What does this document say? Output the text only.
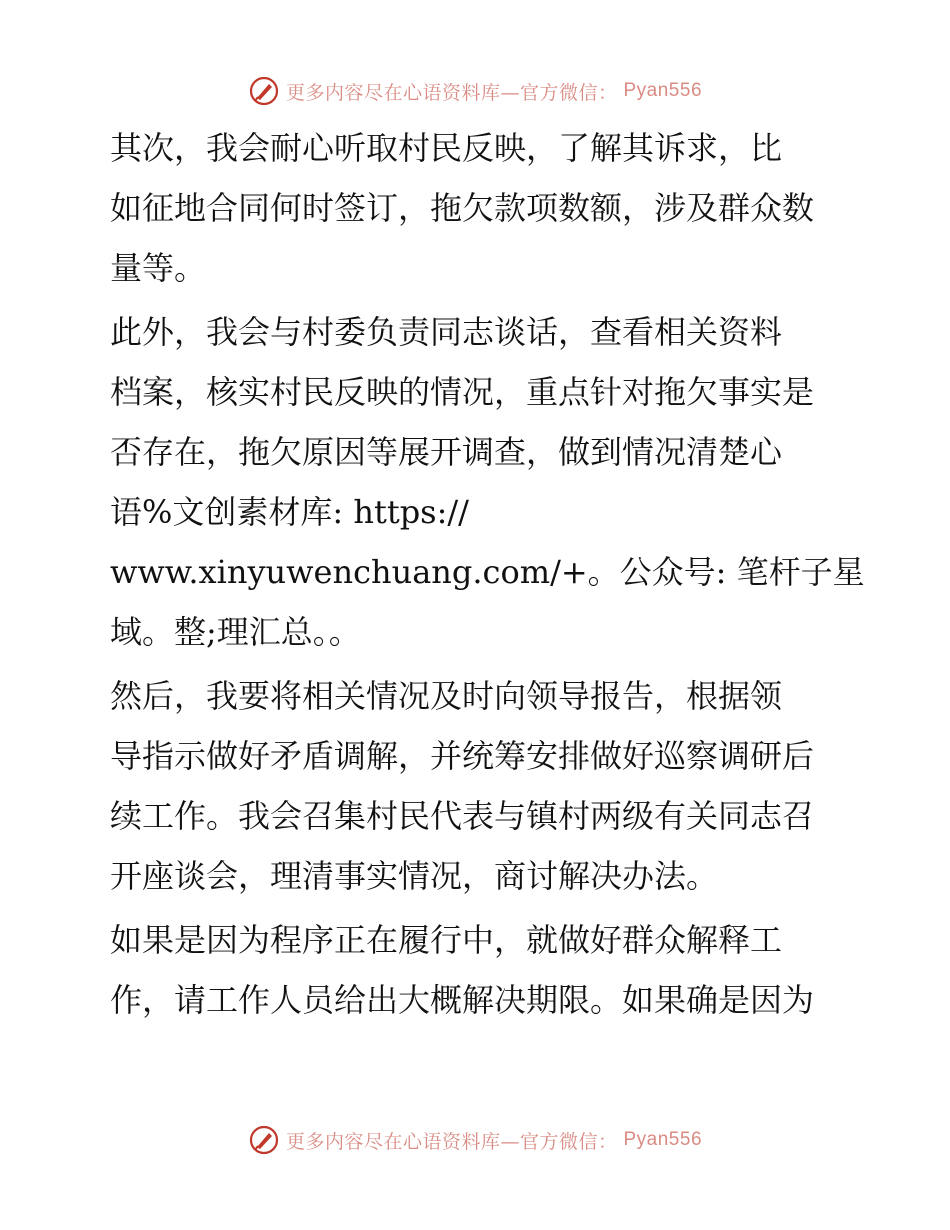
更多内容尽在心语资料库—官方微信： Pyan556

其次，我会耐心听取村民反映，了解其诉求，比
如征地合同何时签订，拖欠款项数额，涉及群众数
量等。

此外，我会与村委负责同志谈话，查看相关资料
档案，核实村民反映的情况，重点针对拖欠事实是
否存在，拖欠原因等展开调查，做到情况清楚心
语%文创素材库: https://
www.xinyuwenchuang.com/+。公众号: 笔杆子星
域。整;理汇总。。

然后，我要将相关情况及时向领导报告，根据领
导指示做好矛盾调解，并统筹安排做好巡察调研后
续工作。我会召集村民代表与镇村两级有关同志召
开座谈会，理清事实情况，商讨解决办法。

如果是因为程序正在履行中，就做好群众解释工
作，请工作人员给出大概解决期限。如果确是因为

更多内容尽在心语资料库—官方微信： Pyan556
